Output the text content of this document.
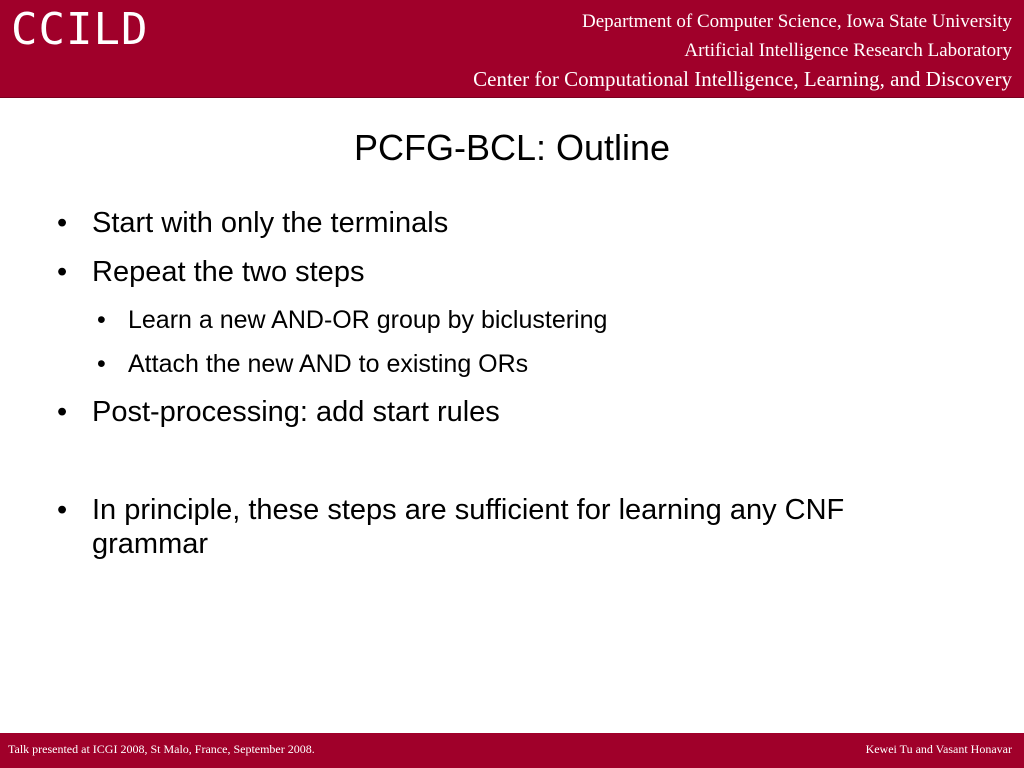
CCILD	Department of Computer Science, Iowa State University
Artificial Intelligence Research Laboratory
Center for Computational Intelligence, Learning, and Discovery
PCFG-BCL: Outline
• Start with only the terminals
• Repeat the two steps
• Learn a new AND-OR group by biclustering
• Attach the new AND to existing ORs
• Post-processing: add start rules
• In principle, these steps are sufficient for learning any CNF grammar
Talk presented at ICGI 2008, St Malo, France, September 2008.	Kewei Tu and Vasant Honavar
